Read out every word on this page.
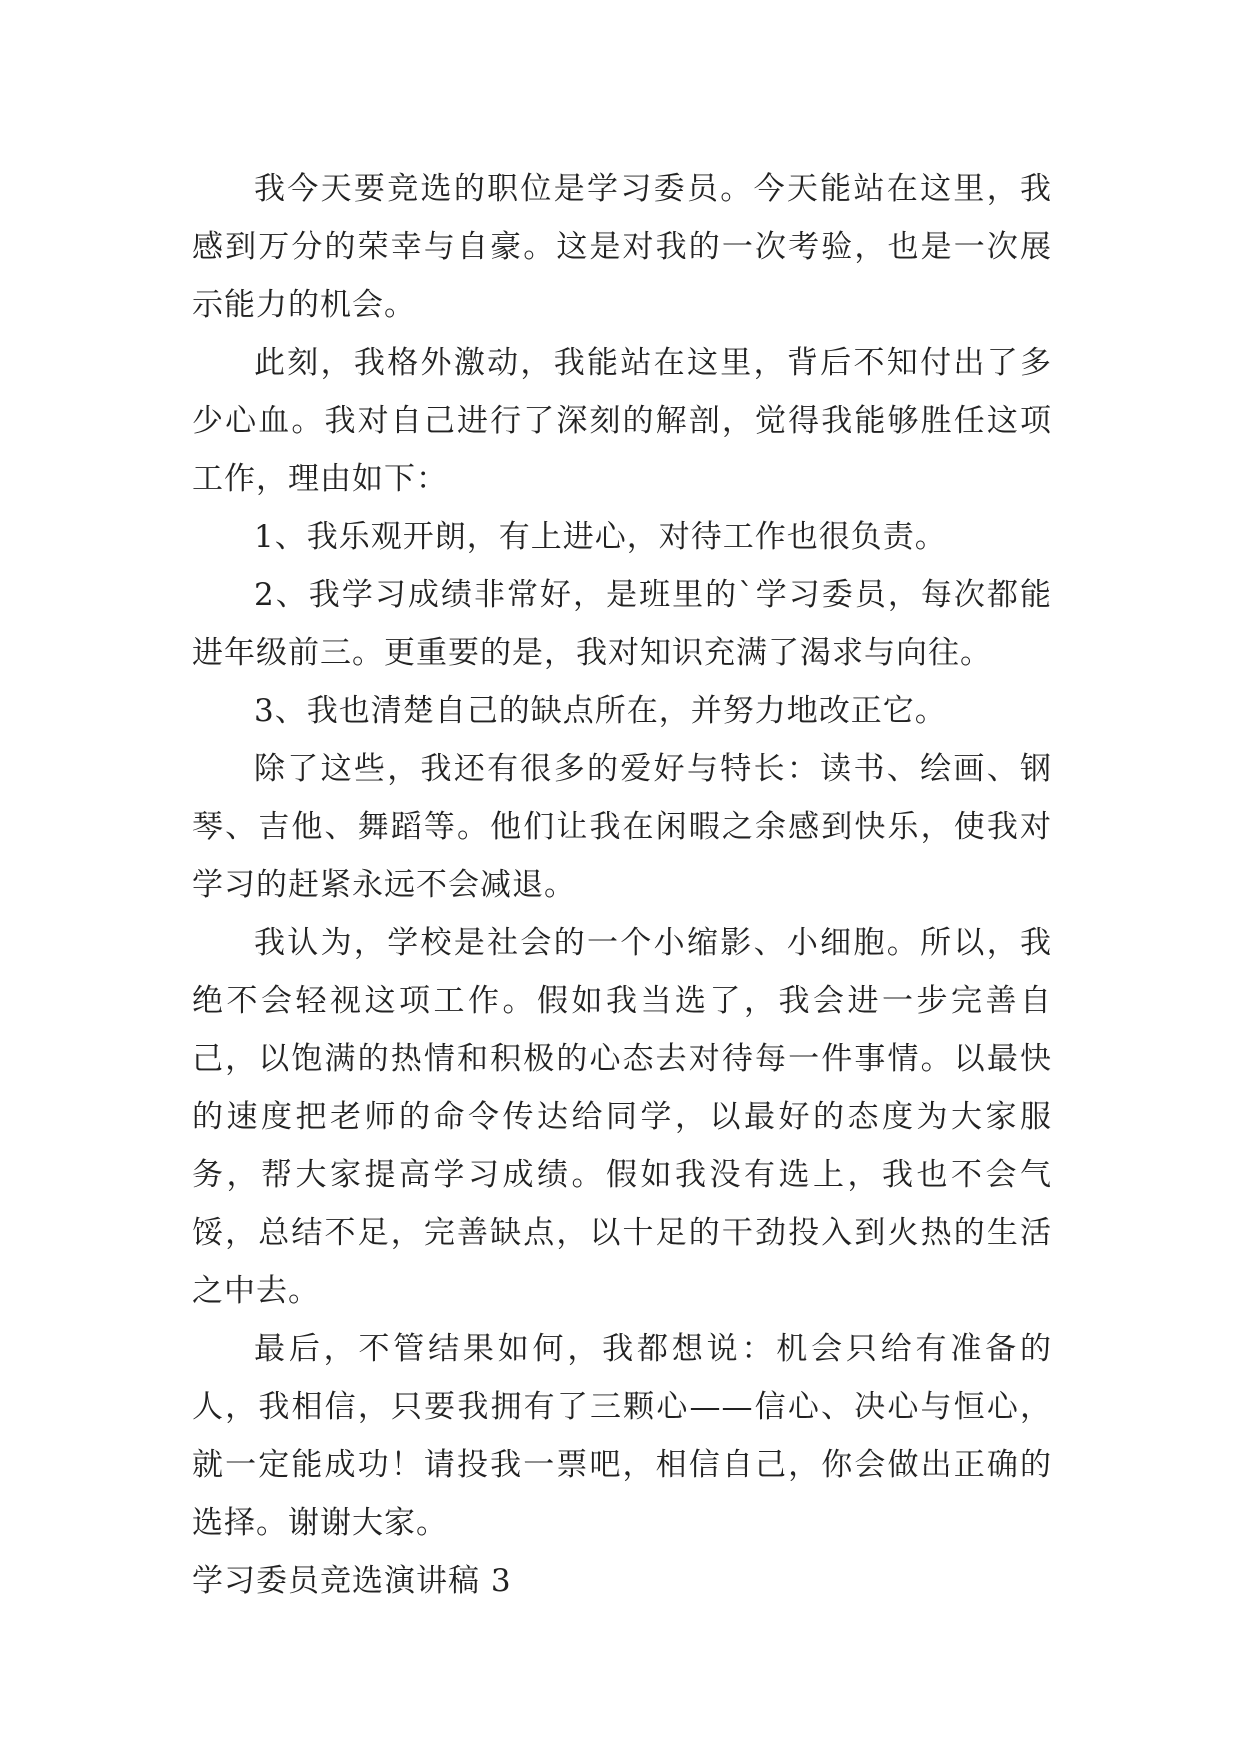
我今天要竞选的职位是学习委员。今天能站在这里，我感到万分的荣幸与自豪。这是对我的一次考验，也是一次展示能力的机会。

此刻，我格外激动，我能站在这里，背后不知付出了多少心血。我对自己进行了深刻的解剖，觉得我能够胜任这项工作，理由如下：

1、我乐观开朗，有上进心，对待工作也很负责。

2、我学习成绩非常好，是班里的`学习委员，每次都能进年级前三。更重要的是，我对知识充满了渴求与向往。

3、我也清楚自己的缺点所在，并努力地改正它。

除了这些，我还有很多的爱好与特长：读书、绘画、钢琴、吉他、舞蹈等。他们让我在闲暇之余感到快乐，使我对学习的赶紧永远不会减退。

我认为，学校是社会的一个小缩影、小细胞。所以，我绝不会轻视这项工作。假如我当选了，我会进一步完善自己，以饱满的热情和积极的心态去对待每一件事情。以最快的速度把老师的命令传达给同学，以最好的态度为大家服务，帮大家提高学习成绩。假如我没有选上，我也不会气馁，总结不足，完善缺点，以十足的干劲投入到火热的生活之中去。

最后，不管结果如何，我都想说：机会只给有准备的人，我相信，只要我拥有了三颗心——信心、决心与恒心，就一定能成功！请投我一票吧，相信自己，你会做出正确的选择。谢谢大家。

学习委员竞选演讲稿 3
